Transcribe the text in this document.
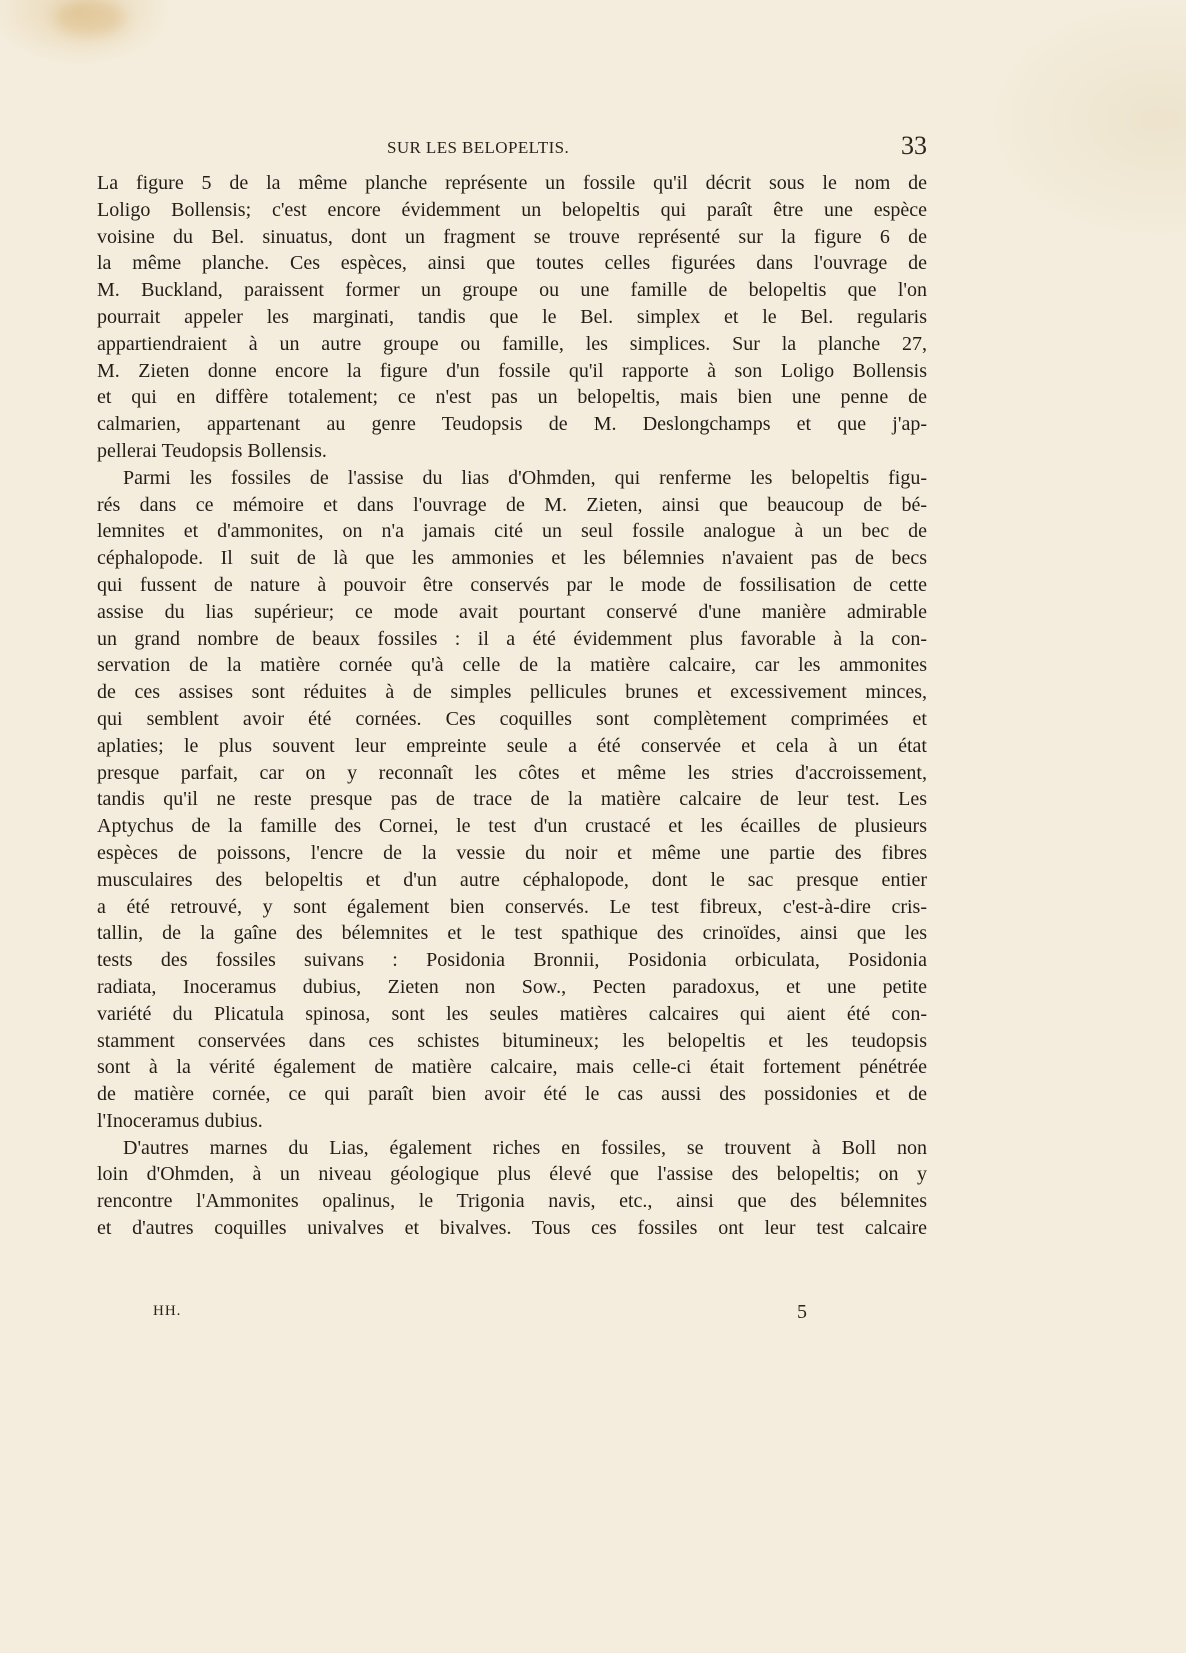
SUR LES BELOPELTIS.	33
La figure 5 de la même planche représente un fossile qu'il décrit sous le nom de
Loligo Bollensis; c'est encore évidemment un belopeltis qui paraît être une espèce
voisine du Bel. sinuatus, dont un fragment se trouve représenté sur la figure 6 de
la même planche. Ces espèces, ainsi que toutes celles figurées dans l'ouvrage de
M. Buckland, paraissent former un groupe ou une famille de belopeltis que l'on
pourrait appeler les marginati, tandis que le Bel. simplex et le Bel. regularis
appartiendraient à un autre groupe ou famille, les simplices. Sur la planche 27,
M. Zieten donne encore la figure d'un fossile qu'il rapporte à son Loligo Bollensis
et qui en diffère totalement; ce n'est pas un belopeltis, mais bien une penne de
calmarien, appartenant au genre Teudopsis de M. Deslongchamps et que j'ap-
pellerai Teudopsis Bollensis.
Parmi les fossiles de l'assise du lias d'Ohmden, qui renferme les belopeltis figu-
rés dans ce mémoire et dans l'ouvrage de M. Zieten, ainsi que beaucoup de bé-
lemnites et d'ammonites, on n'a jamais cité un seul fossile analogue à un bec de
céphalopode. Il suit de là que les ammonies et les bélemnies n'avaient pas de becs
qui fussent de nature à pouvoir être conservés par le mode de fossilisation de cette
assise du lias supérieur; ce mode avait pourtant conservé d'une manière admirable
un grand nombre de beaux fossiles : il a été évidemment plus favorable à la con-
servation de la matière cornée qu'à celle de la matière calcaire, car les ammonites
de ces assises sont réduites à de simples pellicules brunes et excessivement minces,
qui semblent avoir été cornées. Ces coquilles sont complètement comprimées et
aplaties; le plus souvent leur empreinte seule a été conservée et cela à un état
presque parfait, car on y reconnaît les côtes et même les stries d'accroissement,
tandis qu'il ne reste presque pas de trace de la matière calcaire de leur test. Les
Aptychus de la famille des Cornei, le test d'un crustacé et les écailles de plusieurs
espèces de poissons, l'encre de la vessie du noir et même une partie des fibres
musculaires des belopeltis et d'un autre céphalopode, dont le sac presque entier
a été retrouvé, y sont également bien conservés. Le test fibreux, c'est-à-dire cris-
tallin, de la gaîne des bélemnites et le test spathique des crinoïdes, ainsi que les
tests des fossiles suivans : Posidonia Bronnii, Posidonia orbiculata, Posidonia
radiata, Inoceramus dubius, Zieten non Sow., Pecten paradoxus, et une petite
variété du Plicatula spinosa, sont les seules matières calcaires qui aient été con-
stamment conservées dans ces schistes bitumineux; les belopeltis et les teudopsis
sont à la vérité également de matière calcaire, mais celle-ci était fortement pénétrée
de matière cornée, ce qui paraît bien avoir été le cas aussi des possidonies et de
l'Inoceramus dubius.
D'autres marnes du Lias, également riches en fossiles, se trouvent à Boll non
loin d'Ohmden, à un niveau géologique plus élevé que l'assise des belopeltis; on y
rencontre l'Ammonites opalinus, le Trigonia navis, etc., ainsi que des bélemnites
et d'autres coquilles univalves et bivalves. Tous ces fossiles ont leur test calcaire
HH.	5
